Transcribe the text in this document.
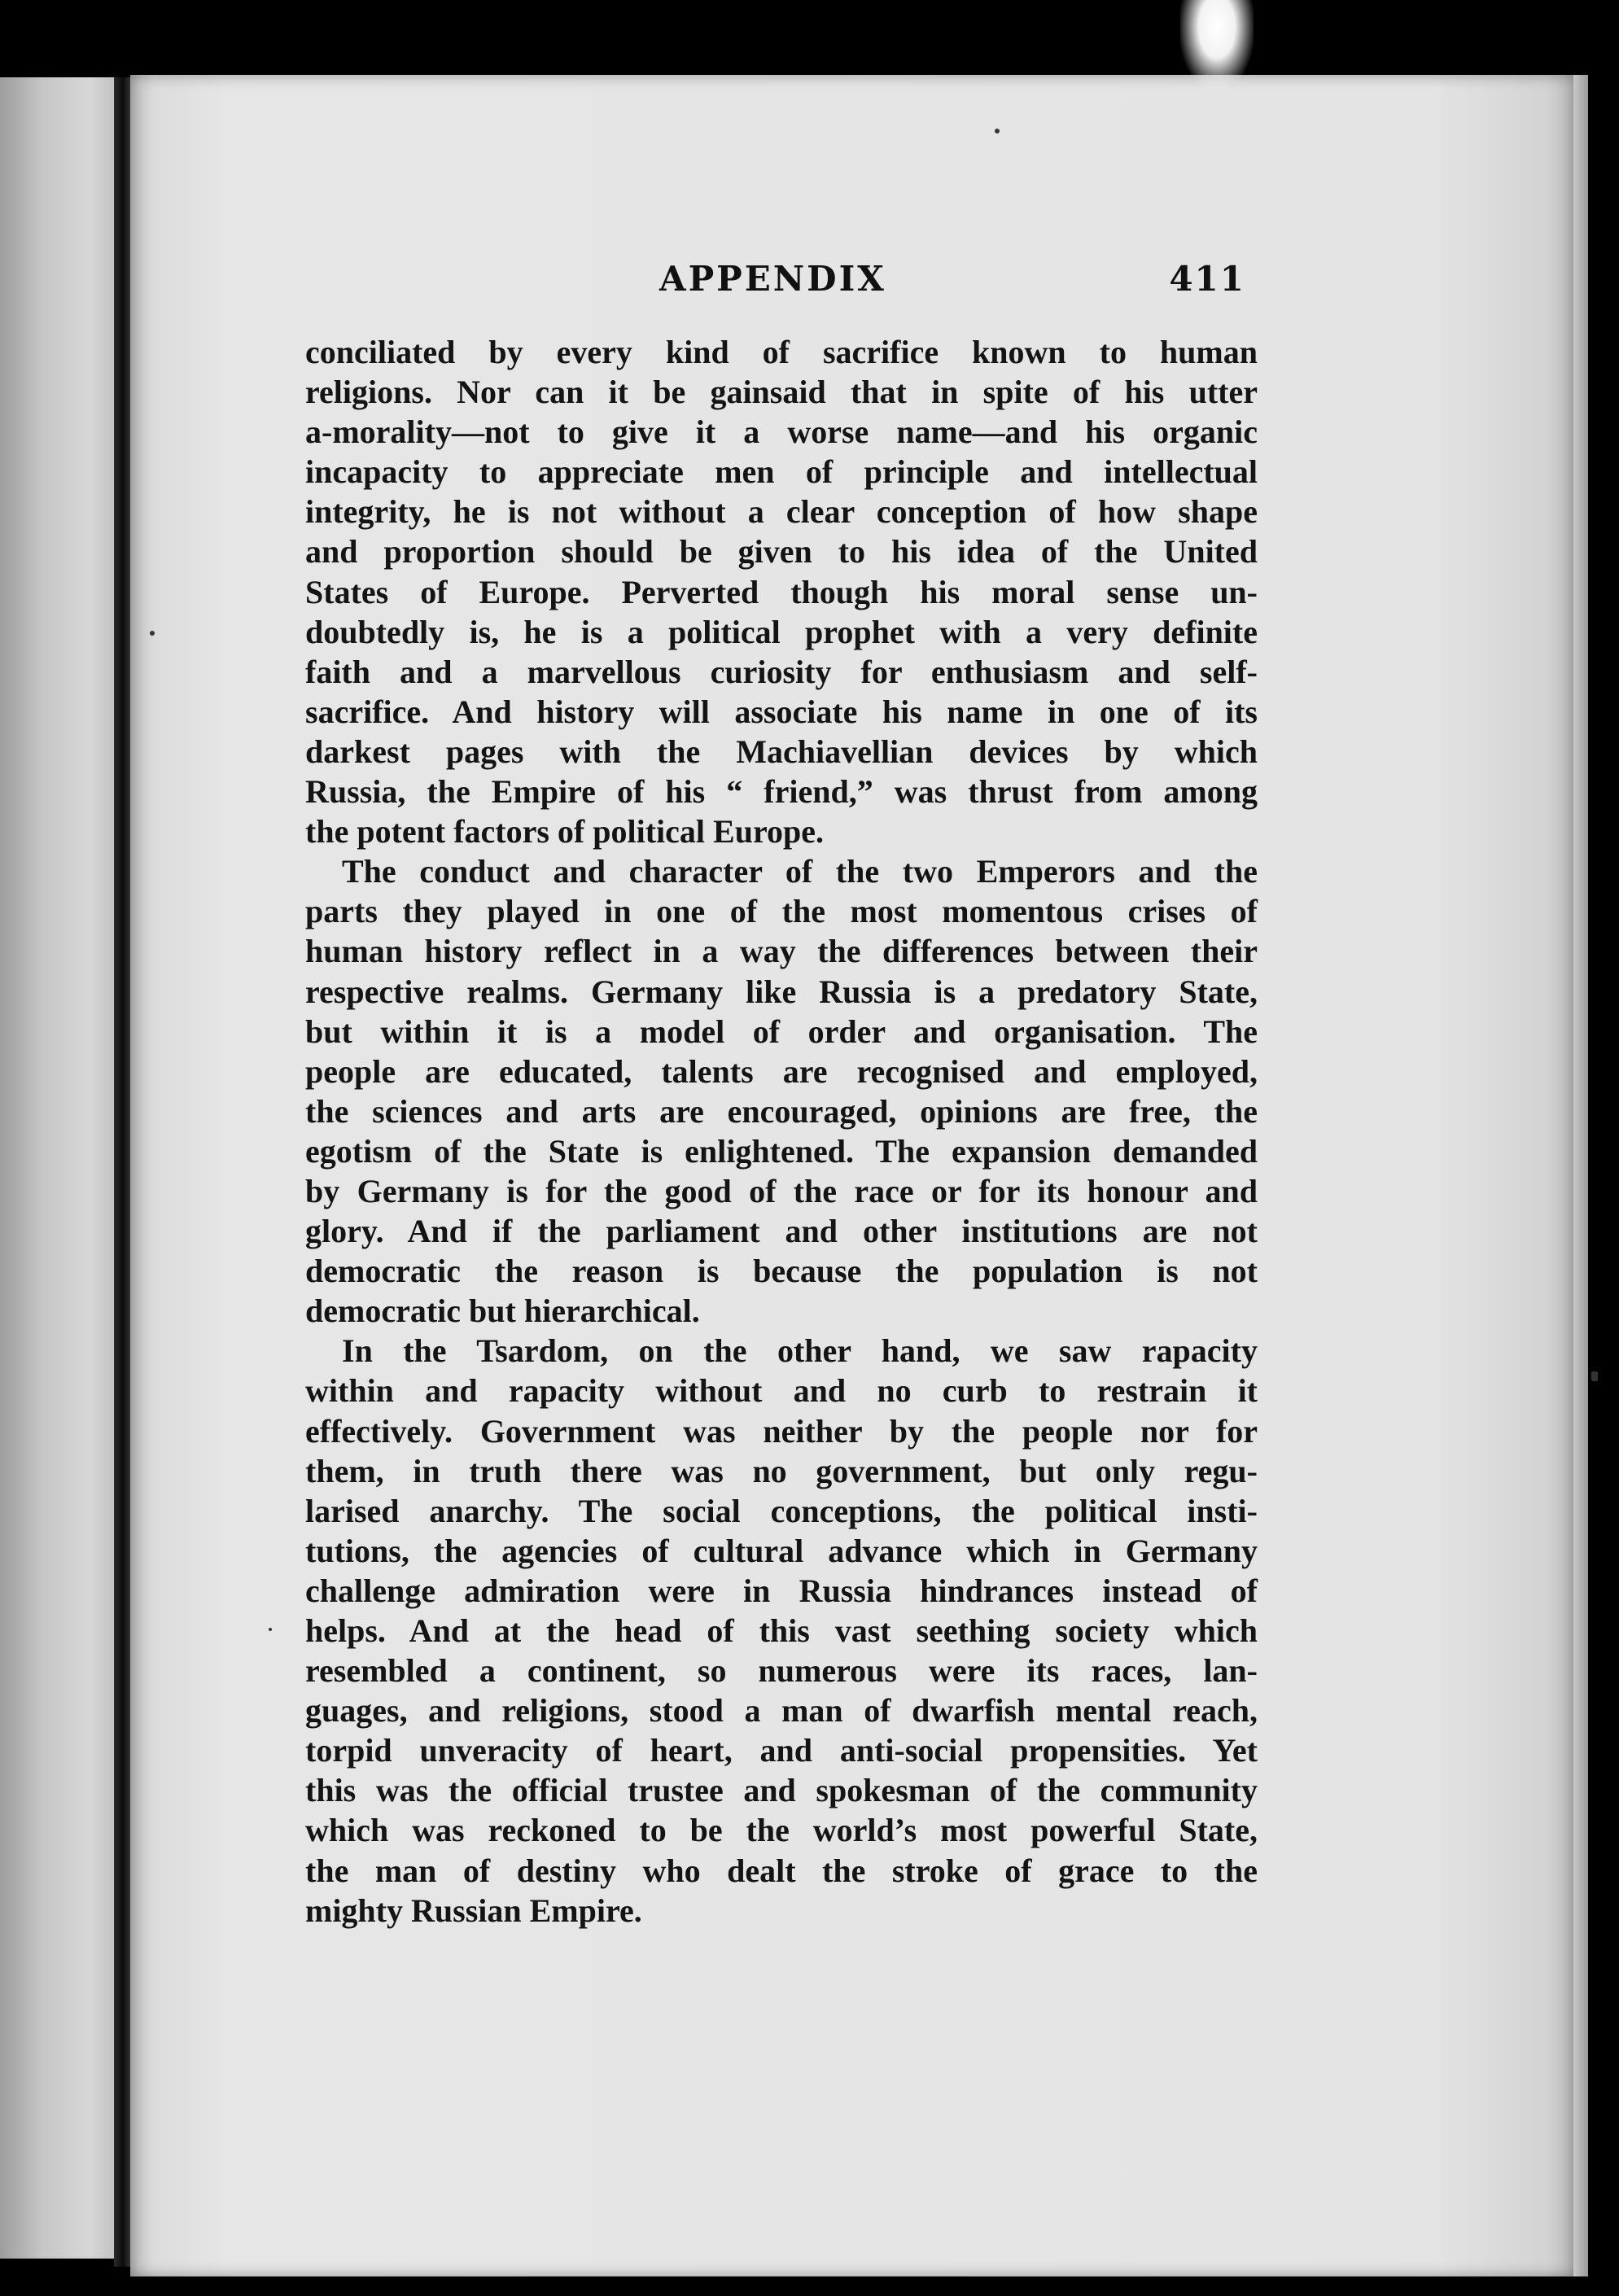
APPENDIX	411
conciliated by every kind of sacrifice known to human
religions. Nor can it be gainsaid that in spite of his utter
a-morality—not to give it a worse name—and his organic
incapacity to appreciate men of principle and intellectual
integrity, he is not without a clear conception of how shape
and proportion should be given to his idea of the United
States of Europe. Perverted though his moral sense un-
doubtedly is, he is a political prophet with a very definite
faith and a marvellous curiosity for enthusiasm and self-
sacrifice. And history will associate his name in one of its
darkest pages with the Machiavellian devices by which
Russia, the Empire of his “ friend,” was thrust from among
the potent factors of political Europe.
The conduct and character of the two Emperors and the
parts they played in one of the most momentous crises of
human history reflect in a way the differences between their
respective realms. Germany like Russia is a predatory State,
but within it is a model of order and organisation. The
people are educated, talents are recognised and employed,
the sciences and arts are encouraged, opinions are free, the
egotism of the State is enlightened. The expansion demanded
by Germany is for the good of the race or for its honour and
glory. And if the parliament and other institutions are not
democratic the reason is because the population is not
democratic but hierarchical.
In the Tsardom, on the other hand, we saw rapacity
within and rapacity without and no curb to restrain it
effectively. Government was neither by the people nor for
them, in truth there was no government, but only regu-
larised anarchy. The social conceptions, the political insti-
tutions, the agencies of cultural advance which in Germany
challenge admiration were in Russia hindrances instead of
helps. And at the head of this vast seething society which
resembled a continent, so numerous were its races, lan-
guages, and religions, stood a man of dwarfish mental reach,
torpid unveracity of heart, and anti-social propensities. Yet
this was the official trustee and spokesman of the community
which was reckoned to be the world’s most powerful State,
the man of destiny who dealt the stroke of grace to the
mighty Russian Empire.
